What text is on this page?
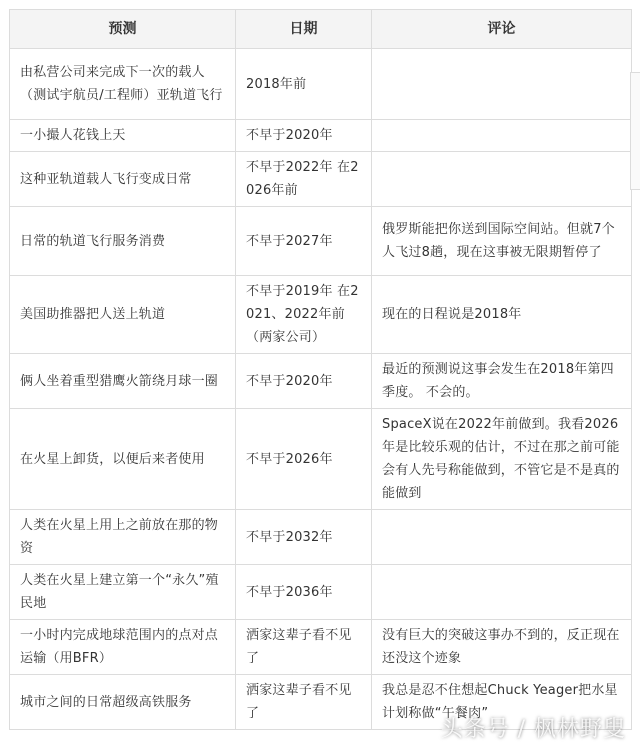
预测	日期	评论
由私营公司来完成下一次的载人（测试宇航员/工程师）亚轨道飞行	2018年前	
一小撮人花钱上天	不早于2020年	
这种亚轨道载人飞行变成日常	不早于2022年 在2026年前	
日常的轨道飞行服务消费	不早于2027年	俄罗斯能把你送到国际空间站。但就7个人飞过8趟，现在这事被无限期暂停了
美国助推器把人送上轨道	不早于2019年 在2021、2022年前（两家公司）	现在的日程说是2018年
俩人坐着重型猎鹰火箭绕月球一圈	不早于2020年	最近的预测说这事会发生在2018年第四季度。 不会的。
在火星上卸货，以便后来者使用	不早于2026年	SpaceX说在2022年前做到。我看2026年是比较乐观的估计，不过在那之前可能会有人先号称能做到，不管它是不是真的能做到
人类在火星上用上之前放在那的物资	不早于2032年	
人类在火星上建立第一个“永久”殖民地	不早于2036年	
一小时内完成地球范围内的点对点运输（用BFR）	洒家这辈子看不见了	没有巨大的突破这事办不到的，反正现在还没这个迹象
城市之间的日常超级高铁服务	洒家这辈子看不见了	我总是忍不住想起Chuck Yeager把水星计划称做“午餐肉”
头条号 / 枫林野叟
